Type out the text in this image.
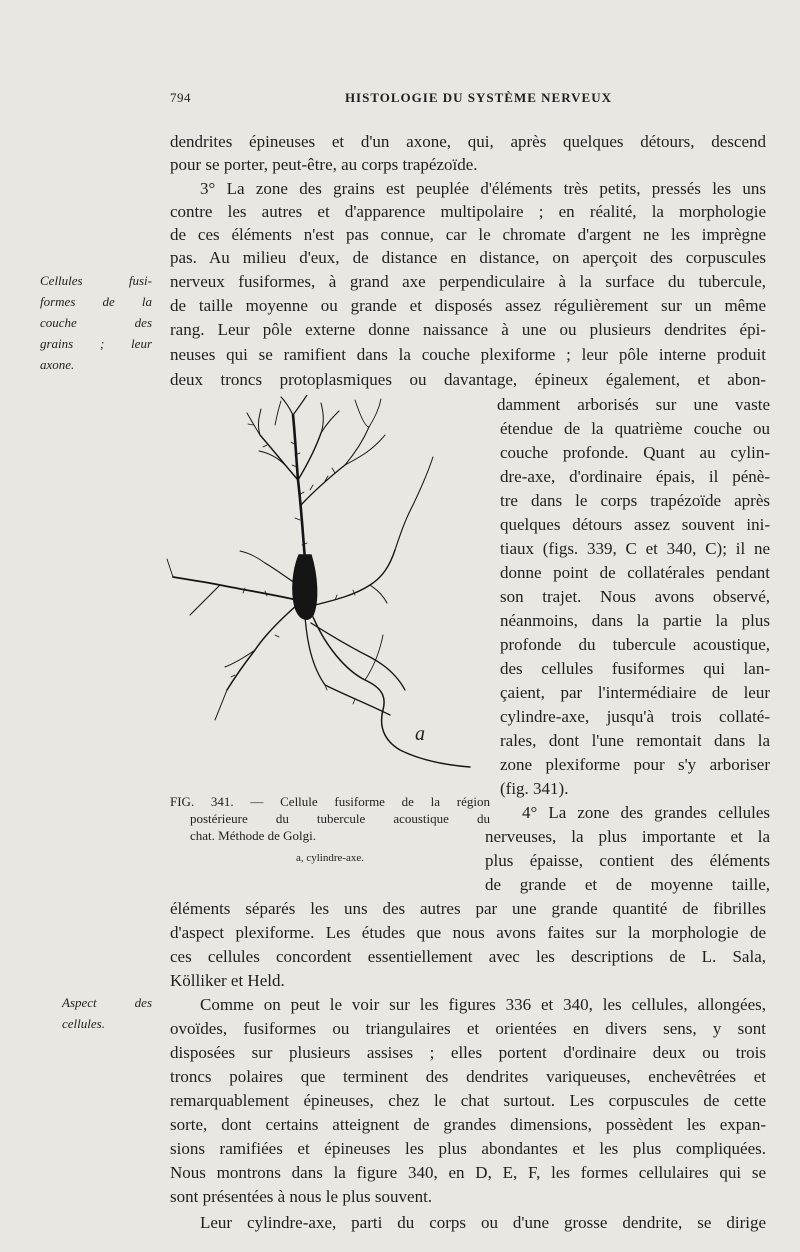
794	HISTOLOGIE DU SYSTÈME NERVEUX
dendrites épineuses et d'un axone, qui, après quelques détours, descend
pour se porter, peut-être, au corps trapézoïde.
3° La zone des grains est peuplée d'éléments très petits, pressés les uns
contre les autres et d'apparence multipolaire ; en réalité, la morphologie
de ces éléments n'est pas connue, car le chromate d'argent ne les imprègne
pas. Au milieu d'eux, de distance en distance, on aperçoit des corpuscules
nerveux fusiformes, à grand axe perpendiculaire à la surface du tubercule,
de taille moyenne ou grande et disposés assez régulièrement sur un même
rang. Leur pôle externe donne naissance à une ou plusieurs dendrites épi-
neuses qui se ramifient dans la couche plexiforme ; leur pôle interne produit
deux troncs protoplasmiques ou davantage, épineux également, et abon-
Cellules fusi-
formes de la
couche des
grains ; leur
axone.
Aspect des
cellules.
a
damment arborisés sur une vaste
étendue de la quatrième couche ou
couche profonde. Quant au cylin-
dre-axe, d'ordinaire épais, il pénè-
tre dans le corps trapézoïde après
quelques détours assez souvent ini-
tiaux (figs. 339, C et 340, C); il ne
donne point de collatérales pendant
son trajet. Nous avons observé,
néanmoins, dans la partie la plus
profonde du tubercule acoustique,
des cellules fusiformes qui lan-
çaient, par l'intermédiaire de leur
cylindre-axe, jusqu'à trois collaté-
rales, dont l'une remontait dans la
zone plexiforme pour s'y arboriser
(fig. 341).
4° La zone des grandes cellules
nerveuses, la plus importante et la
plus épaisse, contient des éléments
de grande et de moyenne taille,
FIG. 341. — Cellule fusiforme de la région
postérieure du tubercule acoustique du
chat. Méthode de Golgi.
a, cylindre-axe.
éléments séparés les uns des autres par une grande quantité de fibrilles
d'aspect plexiforme. Les études que nous avons faites sur la morphologie de
ces cellules concordent essentiellement avec les descriptions de L. Sala,
Kölliker et Held.
Comme on peut le voir sur les figures 336 et 340, les cellules, allongées,
ovoïdes, fusiformes ou triangulaires et orientées en divers sens, y sont
disposées sur plusieurs assises ; elles portent d'ordinaire deux ou trois
troncs polaires que terminent des dendrites variqueuses, enchevêtrées et
remarquablement épineuses, chez le chat surtout. Les corpuscules de cette
sorte, dont certains atteignent de grandes dimensions, possèdent les expan-
sions ramifiées et épineuses les plus abondantes et les plus compliquées.
Nous montrons dans la figure 340, en D, E, F, les formes cellulaires qui se
sont présentées à nous le plus souvent.
Leur cylindre-axe, parti du corps ou d'une grosse dendrite, se dirige
